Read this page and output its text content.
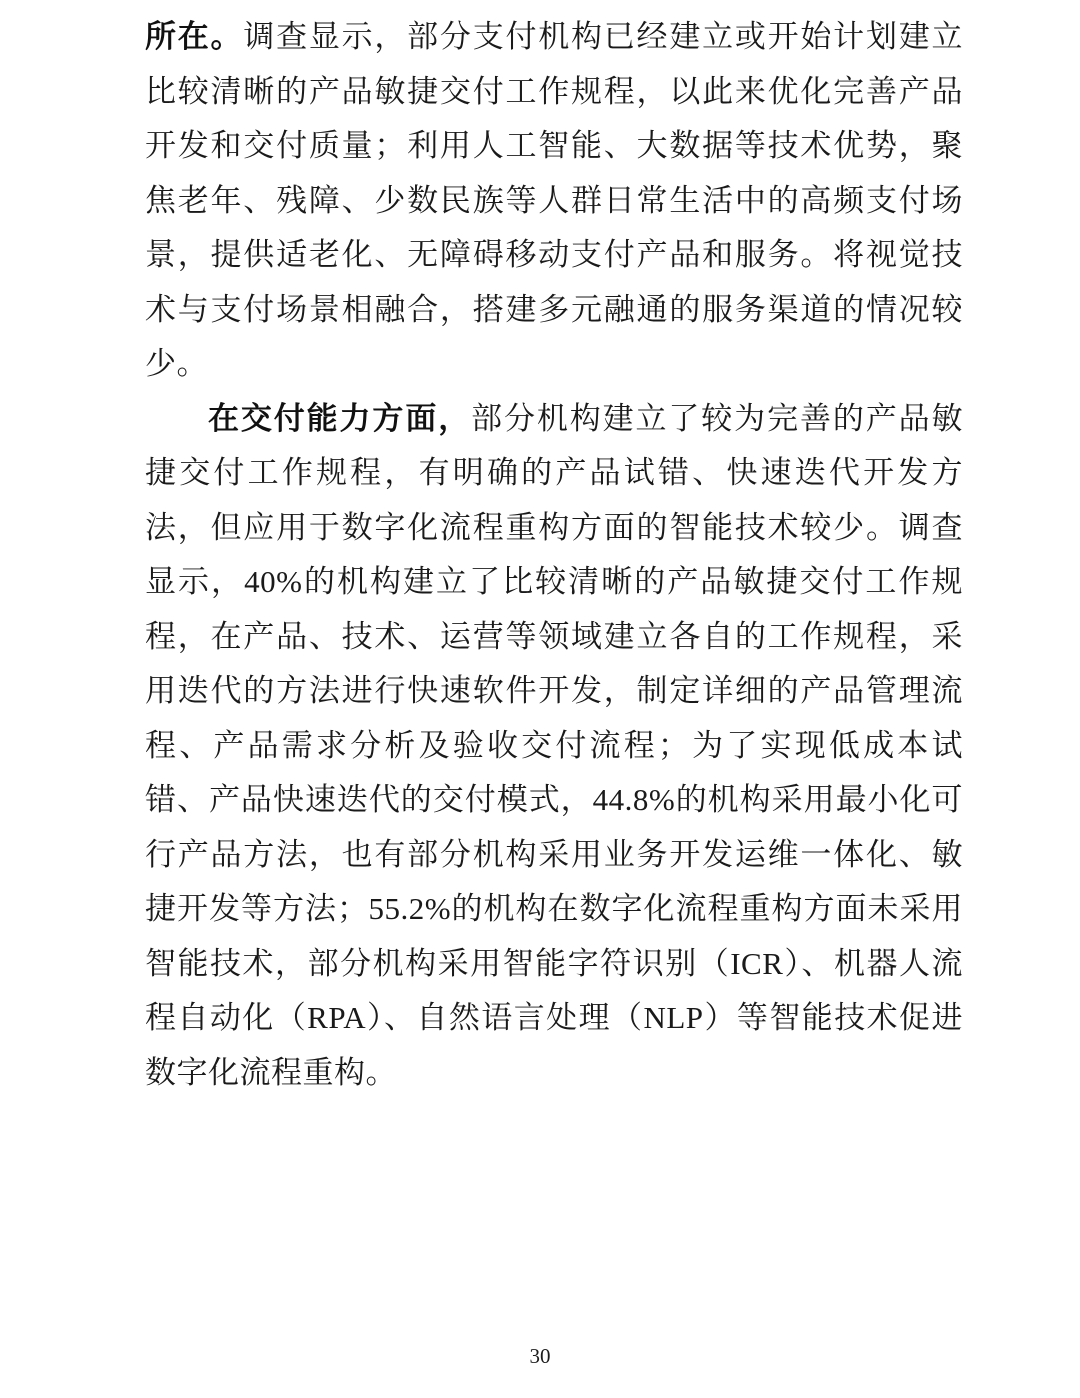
所在。调查显示，部分支付机构已经建立或开始计划建立比较清晰的产品敏捷交付工作规程，以此来优化完善产品开发和交付质量；利用人工智能、大数据等技术优势，聚焦老年、残障、少数民族等人群日常生活中的高频支付场景，提供适老化、无障碍移动支付产品和服务。将视觉技术与支付场景相融合，搭建多元融通的服务渠道的情况较少。

在交付能力方面，部分机构建立了较为完善的产品敏捷交付工作规程，有明确的产品试错、快速迭代开发方法，但应用于数字化流程重构方面的智能技术较少。调查显示，40%的机构建立了比较清晰的产品敏捷交付工作规程，在产品、技术、运营等领域建立各自的工作规程，采用迭代的方法进行快速软件开发，制定详细的产品管理流程、产品需求分析及验收交付流程；为了实现低成本试错、产品快速迭代的交付模式，44.8%的机构采用最小化可行产品方法，也有部分机构采用业务开发运维一体化、敏捷开发等方法；55.2%的机构在数字化流程重构方面未采用智能技术，部分机构采用智能字符识别（ICR）、机器人流程自动化（RPA）、自然语言处理（NLP）等智能技术促进数字化流程重构。

30
